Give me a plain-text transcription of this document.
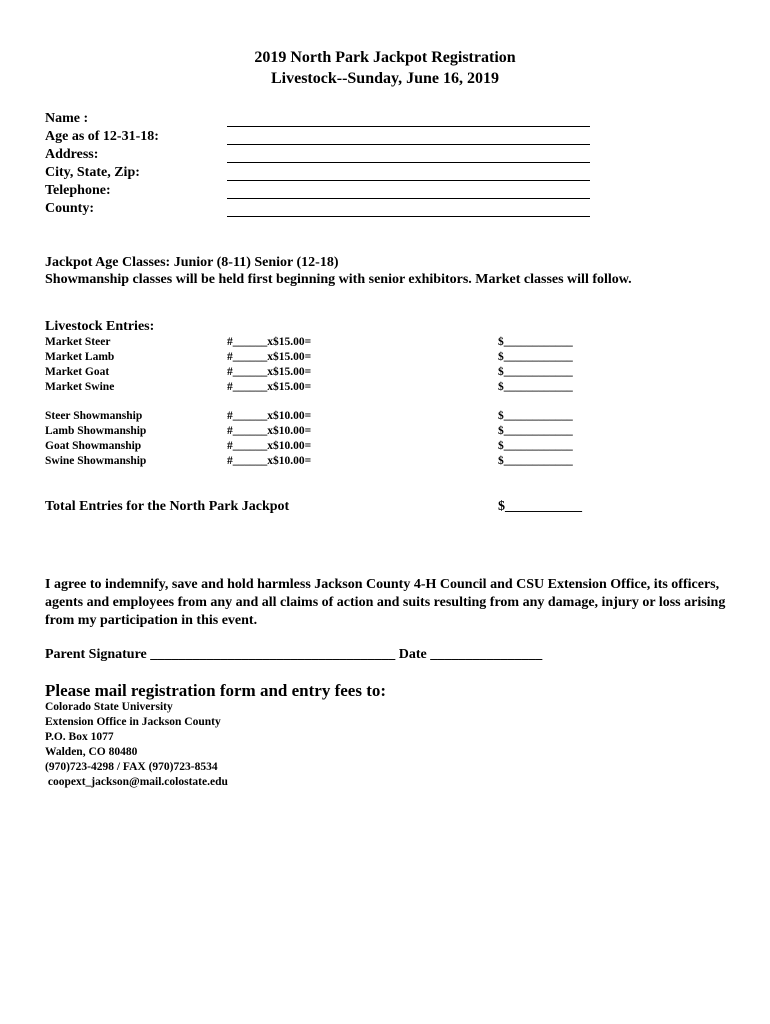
2019 North Park Jackpot Registration
Livestock--Sunday, June 16, 2019
Name :
Age as of 12-31-18:
Address:
City, State, Zip:
Telephone:
County:
Jackpot Age Classes: Junior (8-11) Senior (12-18)
Showmanship classes will be held first beginning with senior exhibitors. Market classes will follow.
Livestock Entries:
Market Steer	#______x$15.00=	$____________
Market Lamb	#______x$15.00=	$____________
Market Goat	#______x$15.00=	$____________
Market Swine	#______x$15.00=	$____________
Steer Showmanship	#______x$10.00=	$____________
Lamb Showmanship	#______x$10.00=	$____________
Goat Showmanship	#______x$10.00=	$____________
Swine Showmanship	#______x$10.00=	$____________
Total Entries for the North Park Jackpot	$___________
I agree to indemnify, save and hold harmless Jackson County 4-H Council and CSU Extension Office, its officers, agents and employees from any and all claims of action and suits resulting from any damage, injury or loss arising from my participation in this event.
Parent Signature ___________________________________ Date ________________
Please mail registration form and entry fees to:
Colorado State University
Extension Office in Jackson County
P.O. Box 1077
Walden, CO 80480
(970)723-4298 / FAX (970)723-8534
coopext_jackson@mail.colostate.edu
